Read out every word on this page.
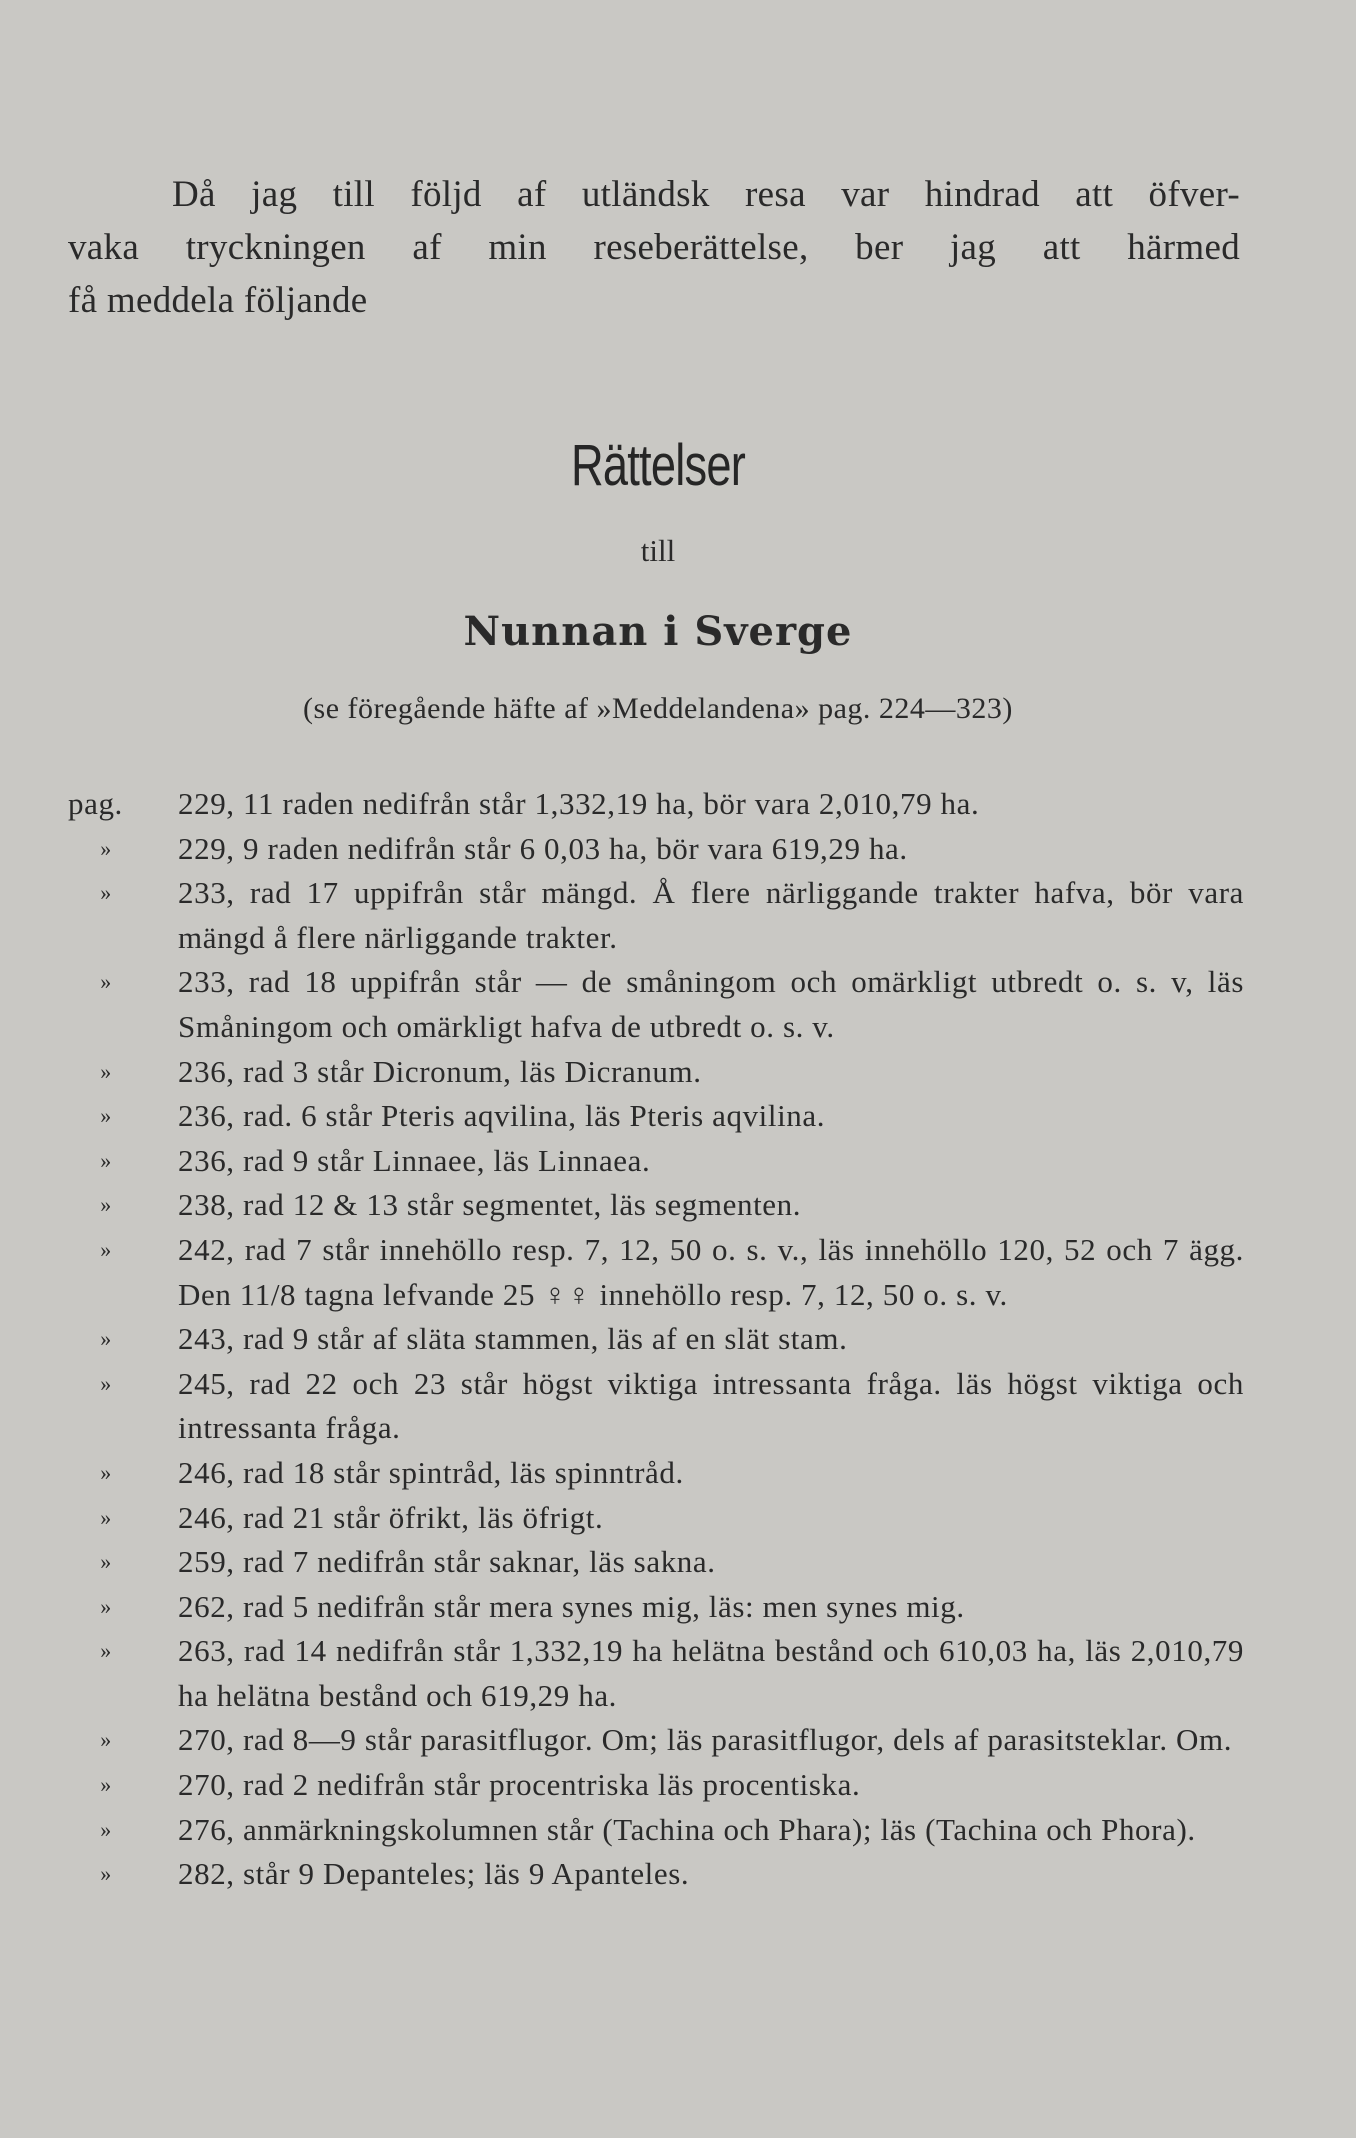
Då jag till följd af utländsk resa var hindrad att öfver-
vaka tryckningen af min reseberättelse, ber jag att härmed
få meddela följande
Rättelser
till
Nunnan i Sverge
(se föregående häfte af »Meddelandena» pag. 224—323)
pag. 229, 11 raden nedifrån står 1,332,19 ha, bör vara 2,010,79 ha.
» 229, 9 raden nedifrån står 6 0,03 ha, bör vara 619,29 ha.
» 233, rad 17 uppifrån står mängd. Å flere närliggande trakter hafva, bör vara mängd å flere närliggande trakter.
» 233, rad 18 uppifrån står — de småningom och omärkligt utbredt o. s. v, läs Småningom och omärkligt hafva de utbredt o. s. v.
» 236, rad 3 står Dicronum, läs Dicranum.
» 236, rad. 6 står Pteris aqvilina, läs Pteris aqvilina.
» 236, rad 9 står Linnaee, läs Linnaea.
» 238, rad 12 & 13 står segmentet, läs segmenten.
» 242, rad 7 står innehöllo resp. 7, 12, 50 o. s. v., läs innehöllo 120, 52 och 7 ägg. Den 11/8 tagna lefvande 25 ♀♀ innehöllo resp. 7, 12, 50 o. s. v.
» 243, rad 9 står af släta stammen, läs af en slät stam.
» 245, rad 22 och 23 står högst viktiga intressanta fråga. läs högst viktiga och intressanta fråga.
» 246, rad 18 står spintråd, läs spinntråd.
» 246, rad 21 står öfrikt, läs öfrigt.
» 259, rad 7 nedifrån står saknar, läs sakna.
» 262, rad 5 nedifrån står mera synes mig, läs: men synes mig.
» 263, rad 14 nedifrån står 1,332,19 ha helätna bestånd och 610,03 ha, läs 2,010,79 ha helätna bestånd och 619,29 ha.
» 270, rad 8—9 står parasitflugor. Om; läs parasitflugor, dels af parasitsteklar. Om.
» 270, rad 2 nedifrån står procentriska läs procentiska.
» 276, anmärkningskolumnen står (Tachina och Phara); läs (Tachina och Phora).
» 282, står 9 Depanteles; läs 9 Apanteles.
